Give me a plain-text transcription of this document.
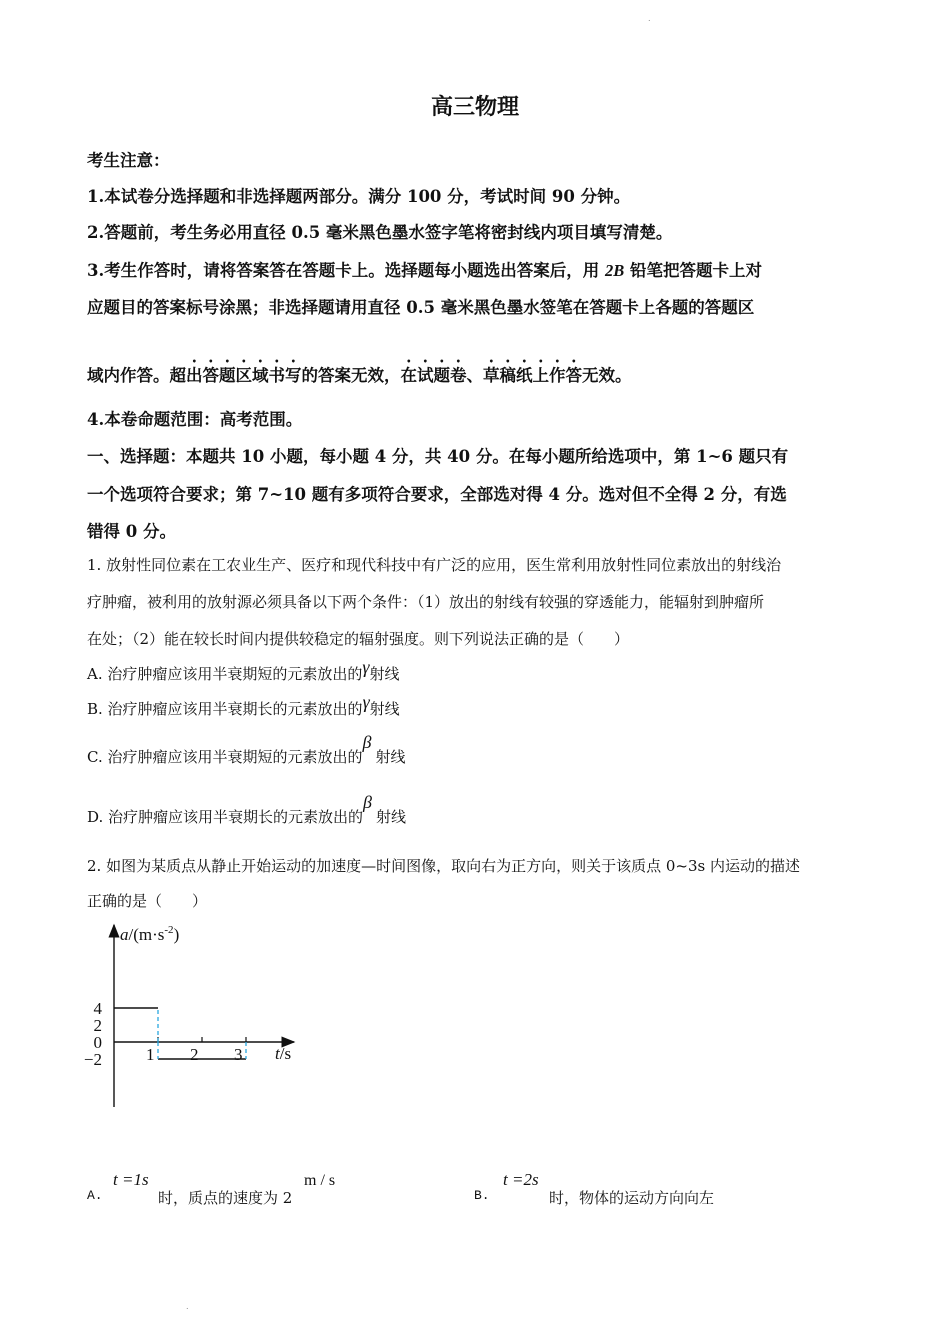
.
高三物理
考生注意：
1.本试卷分选择题和非选择题两部分。满分 100 分，考试时间 90 分钟。
2.答题前，考生务必用直径 0.5 毫米黑色墨水签字笔将密封线内项目填写清楚。
3.考生作答时，请将答案答在答题卡上。选择题每小题选出答案后，用 2B 铅笔把答题卡上对
应题目的答案标号涂黑；非选择题请用直径 0.5 毫米黑色墨水签笔在答题卡上各题的答题区
域内作答。超出答题区域书写的答案无效，在试题卷、草稿纸上作答无效。
4.本卷命题范围：高考范围。
一、选择题：本题共 10 小题，每小题 4 分，共 40 分。在每小题所给选项中，第 1~6 题只有
一个选项符合要求；第 7~10 题有多项符合要求，全部选对得 4 分。选对但不全得 2 分，有选
错得 0 分。
1. 放射性同位素在工农业生产、医疗和现代科技中有广泛的应用，医生常利用放射性同位素放出的射线治
疗肿瘤，被利用的放射源必须具备以下两个条件：（1）放出的射线有较强的穿透能力，能辐射到肿瘤所
在处；（2）能在较长时间内提供较稳定的辐射强度。则下列说法正确的是（　　）
A. 治疗肿瘤应该用半衰期短的元素放出的γ射线
B. 治疗肿瘤应该用半衰期长的元素放出的γ射线
C. 治疗肿瘤应该用半衰期短的元素放出的β射线
D. 治疗肿瘤应该用半衰期长的元素放出的β射线
2. 如图为某质点从静止开始运动的加速度—时间图像，取向右为正方向，则关于该质点 0~3s 内运动的描述
正确的是（　　）
$a/(m\cdot s^{-2})$
t/s
4
2
0
−2	1 2 3
A.
t =1s
时，质点的速度为 2
m / s
B.
t =2s
时，物体的运动方向向左
.
